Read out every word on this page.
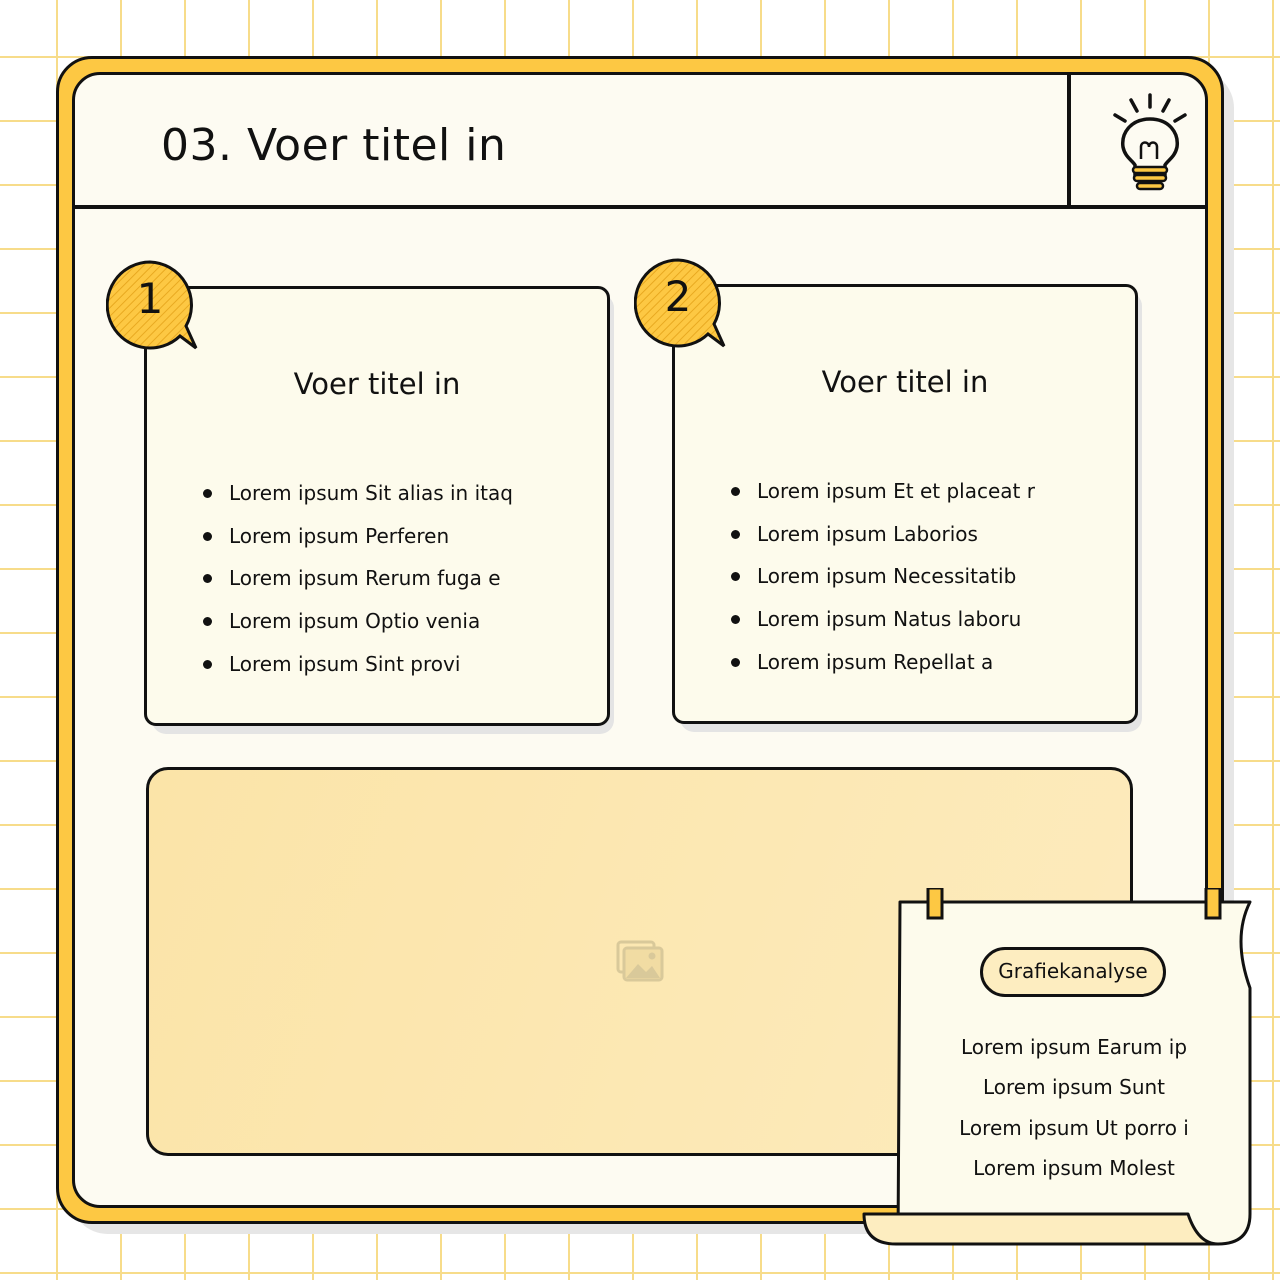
03. Voer titel in
Voer titel in
Lorem ipsum Sit alias in itaq
Lorem ipsum Perferen
Lorem ipsum Rerum fuga e
Lorem ipsum Optio venia
Lorem ipsum Sint provi
1
Voer titel in
Lorem ipsum Et et placeat r
Lorem ipsum Laborios
Lorem ipsum Necessitatib
Lorem ipsum Natus laboru
Lorem ipsum Repellat a
2
Grafiekanalyse
Lorem ipsum Earum ip
Lorem ipsum Sunt
Lorem ipsum Ut porro i
Lorem ipsum Molest
